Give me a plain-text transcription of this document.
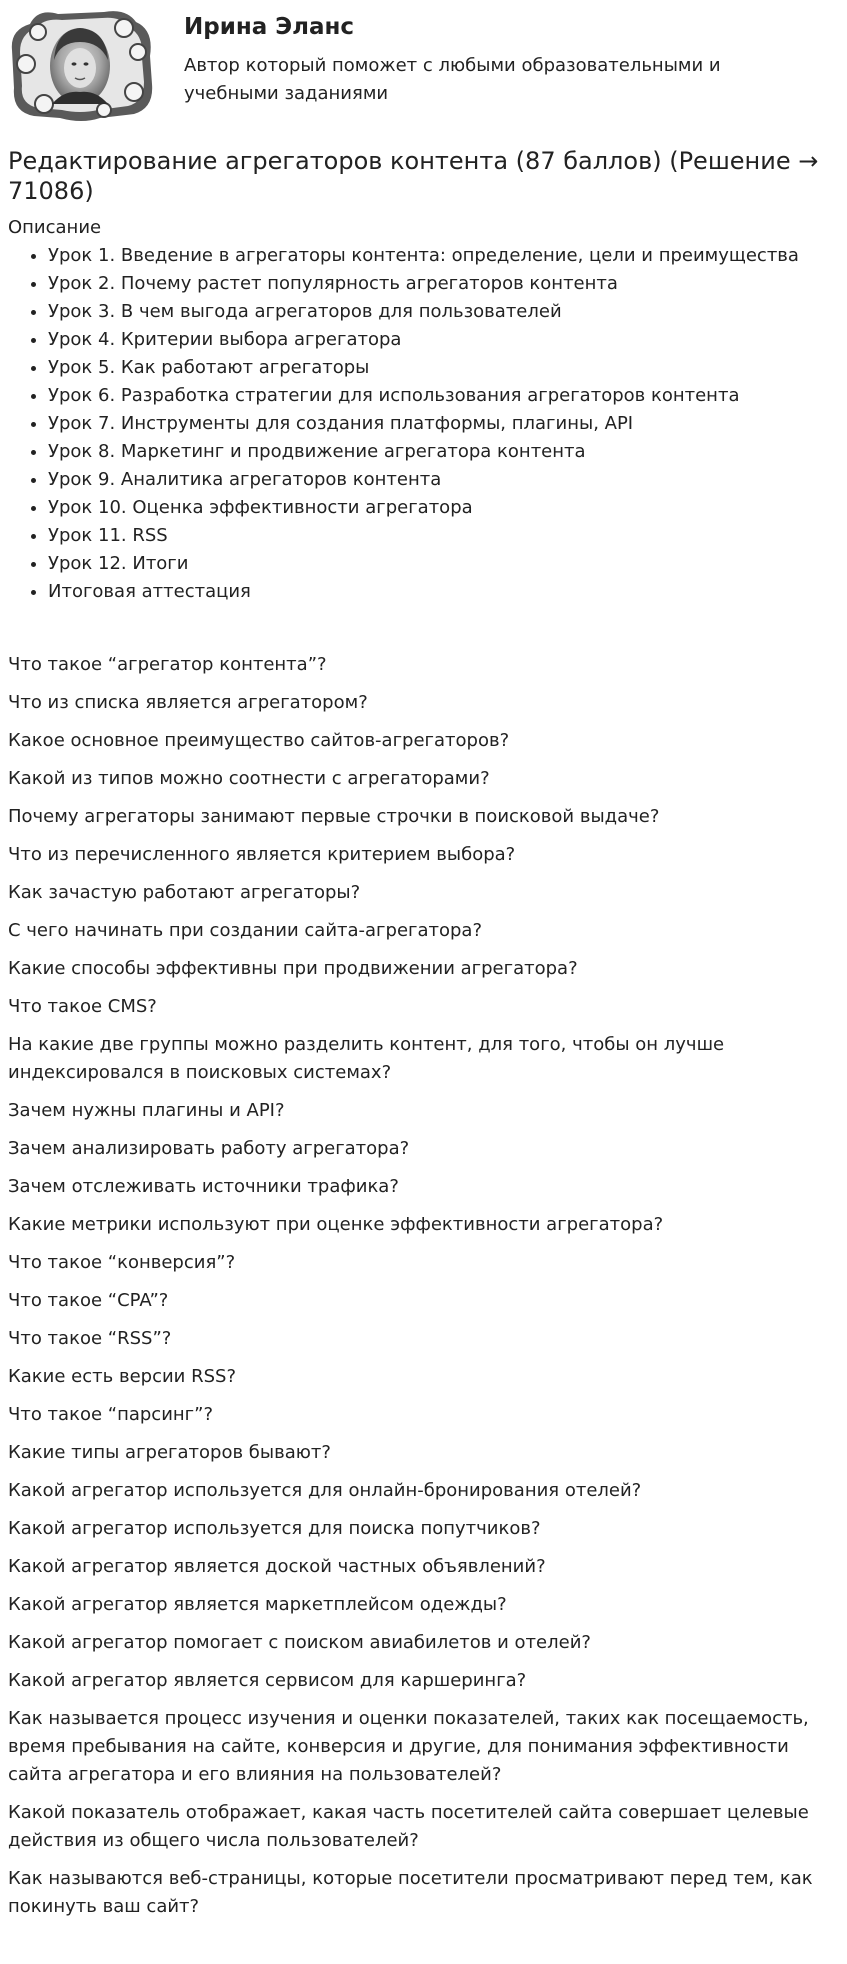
Ирина Эланс
Автор который поможет с любыми образовательными и учебными заданиями
Редактирование агрегаторов контента (87 баллов) (Решение → 71086)
Описание
• Урок 1. Введение в агрегаторы контента: определение, цели и преимущества
• Урок 2. Почему растет популярность агрегаторов контента
• Урок 3. В чем выгода агрегаторов для пользователей
• Урок 4. Критерии выбора агрегатора
• Урок 5. Как работают агрегаторы
• Урок 6. Разработка стратегии для использования агрегаторов контента
• Урок 7. Инструменты для создания платформы, плагины, API
• Урок 8. Маркетинг и продвижение агрегатора контента
• Урок 9. Аналитика агрегаторов контента
• Урок 10. Оценка эффективности агрегатора
• Урок 11. RSS
• Урок 12. Итоги
• Итоговая аттестация

Что такое “агрегатор контента”?

Что из списка является агрегатором?

Какое основное преимущество сайтов-агрегаторов?

Какой из типов можно соотнести с агрегаторами?

Почему агрегаторы занимают первые строчки в поисковой выдаче?

Что из перечисленного является критерием выбора?

Как зачастую работают агрегаторы?

С чего начинать при создании сайта-агрегатора?

Какие способы эффективны при продвижении агрегатора?

Что такое CMS?

На какие две группы можно разделить контент, для того, чтобы он лучше индексировался в поисковых системах?

Зачем нужны плагины и API?

Зачем анализировать работу агрегатора?

Зачем отслеживать источники трафика?

Какие метрики используют при оценке эффективности агрегатора?

Что такое “конверсия”?

Что такое “CPA”?

Что такое “RSS”?

Какие есть версии RSS?

Что такое “парсинг”?

Какие типы агрегаторов бывают?

Какой агрегатор используется для онлайн-бронирования отелей?

Какой агрегатор используется для поиска попутчиков?

Какой агрегатор является доской частных объявлений?

Какой агрегатор является маркетплейсом одежды?

Какой агрегатор помогает с поиском авиабилетов и отелей?

Какой агрегатор является сервисом для каршеринга?

Как называется процесс изучения и оценки показателей, таких как посещаемость, время пребывания на сайте, конверсия и другие, для понимания эффективности сайта агрегатора и его влияния на пользователей?

Какой показатель отображает, какая часть посетителей сайта совершает целевые действия из общего числа пользователей?

Как называются веб-страницы, которые посетители просматривают перед тем, как покинуть ваш сайт?
